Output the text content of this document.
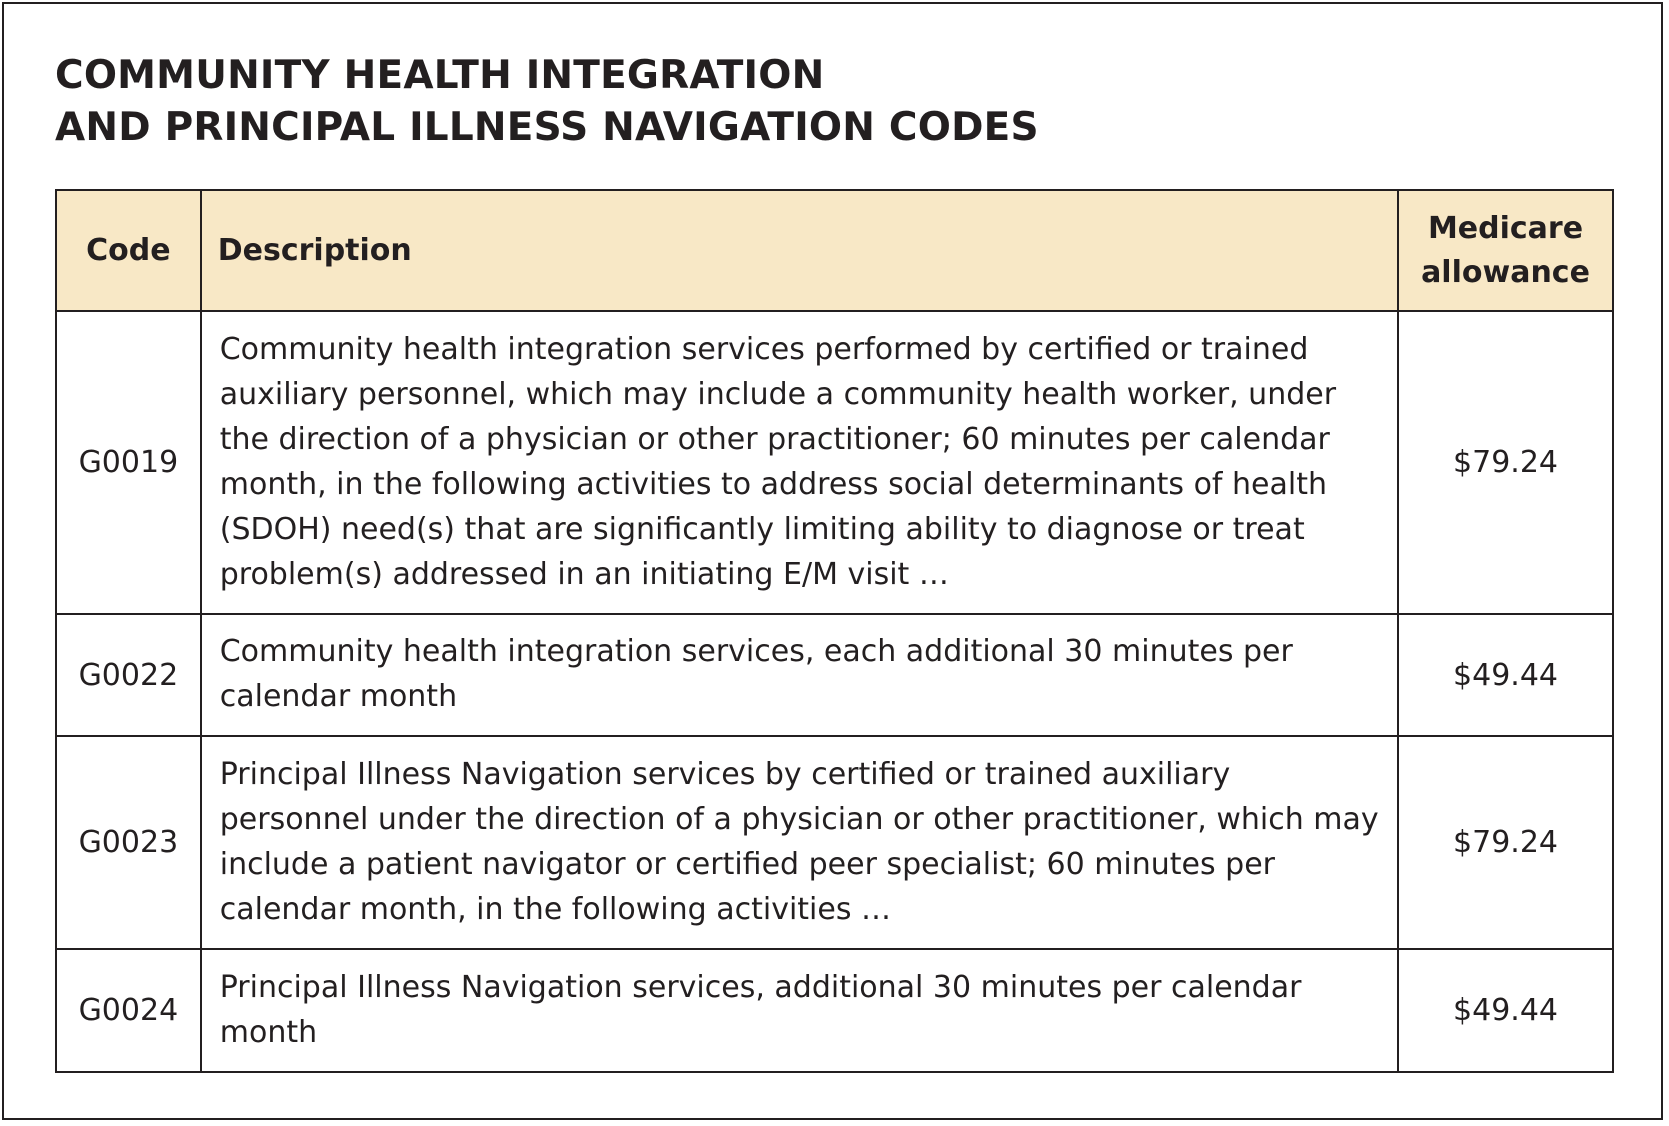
COMMUNITY HEALTH INTEGRATION
AND PRINCIPAL ILLNESS NAVIGATION CODES
Code	Description	Medicare
allowance

G0019	Community health integration services performed by certified or trained auxiliary personnel, which may include a community health worker, under the direction of a physician or other practitioner; 60 minutes per calendar month, in the following activities to address social determinants of health (SDOH) need(s) that are significantly limiting ability to diagnose or treat problem(s) addressed in an initiating E/M visit …	$79.24
G0022	Community health integration services, each additional 30 minutes per calendar month	$49.44
G0023	Principal Illness Navigation services by certified or trained auxiliary personnel under the direction of a physician or other practitioner, which may include a patient navigator or certified peer specialist; 60 minutes per calendar month, in the following activities …	$79.24
G0024	Principal Illness Navigation services, additional 30 minutes per calendar month	$49.44
